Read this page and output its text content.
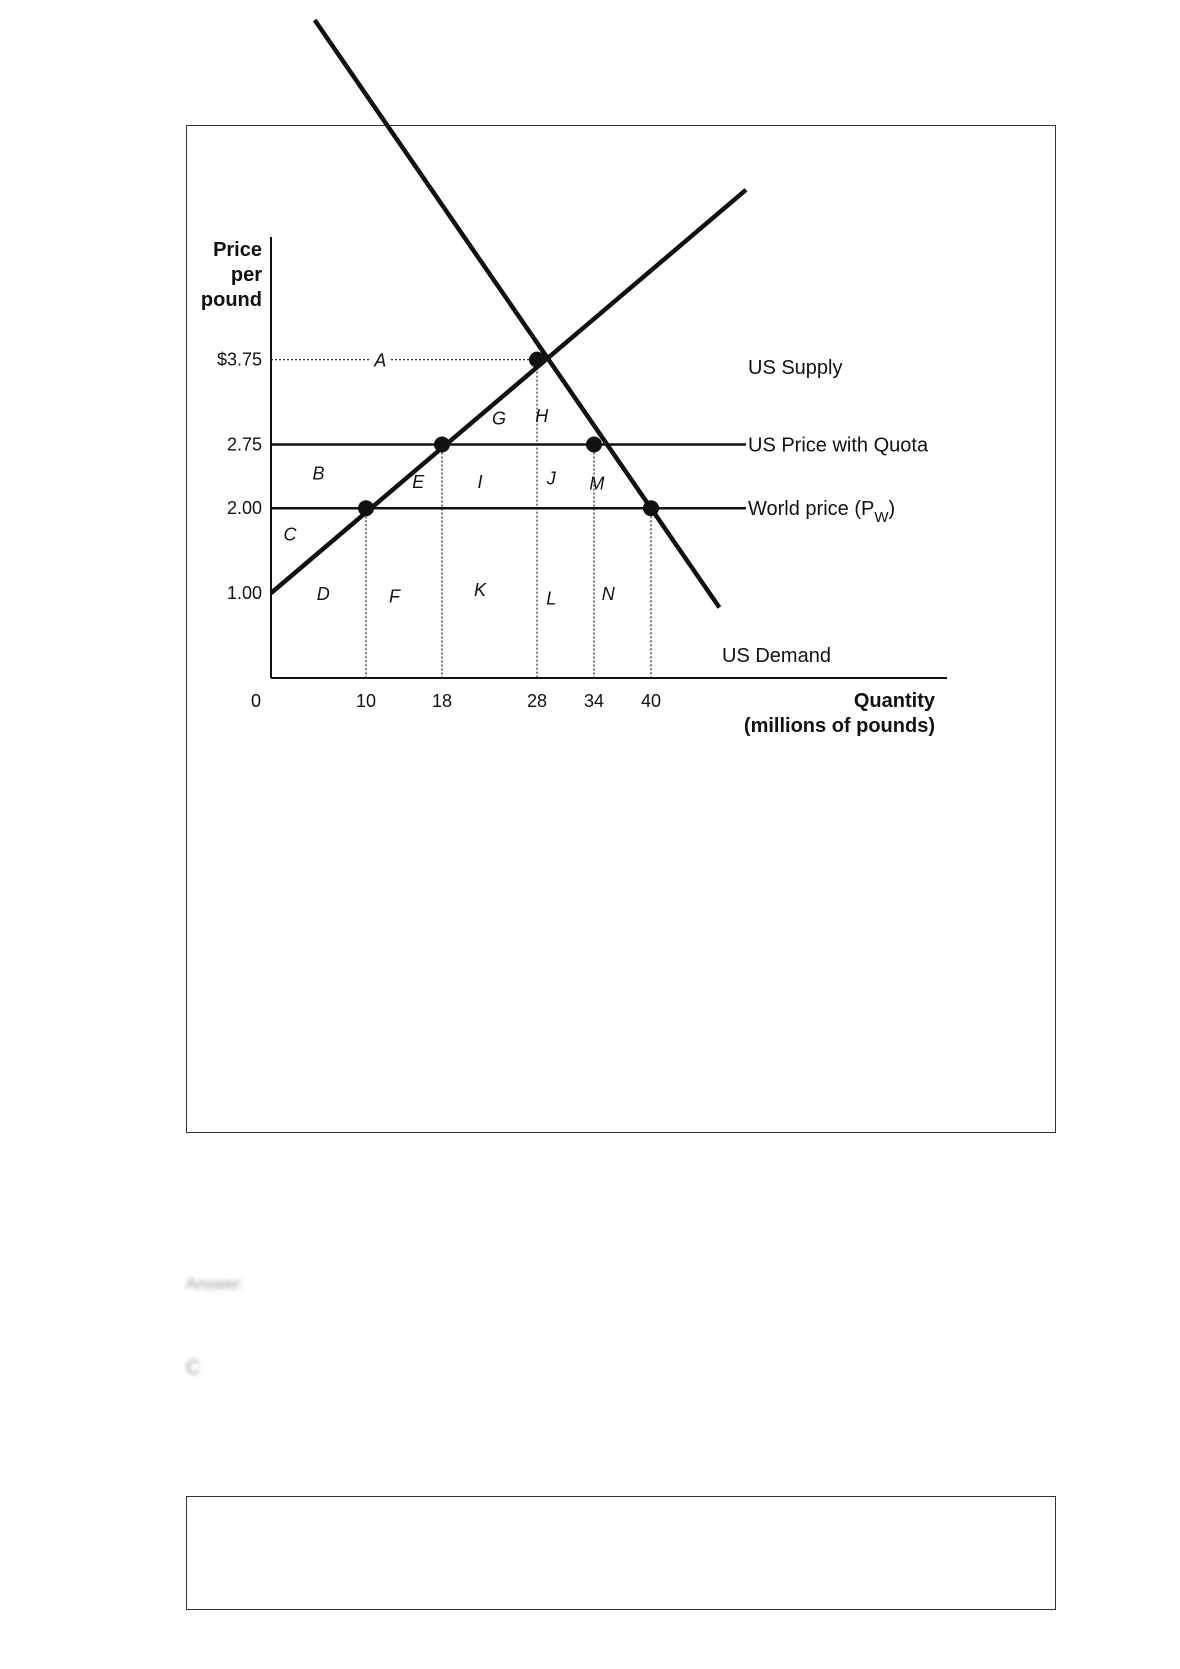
Answer:
C
A
B
C
D
E
F
G H
I	J
K	L
M
N
$3.75
2.75
2.00
1.00
0	10	18	28 34 40
Price
per
pound
Quantity
(millions of pounds)
US Supply
US Price with Quota
World price $(P_W)$
US Demand
